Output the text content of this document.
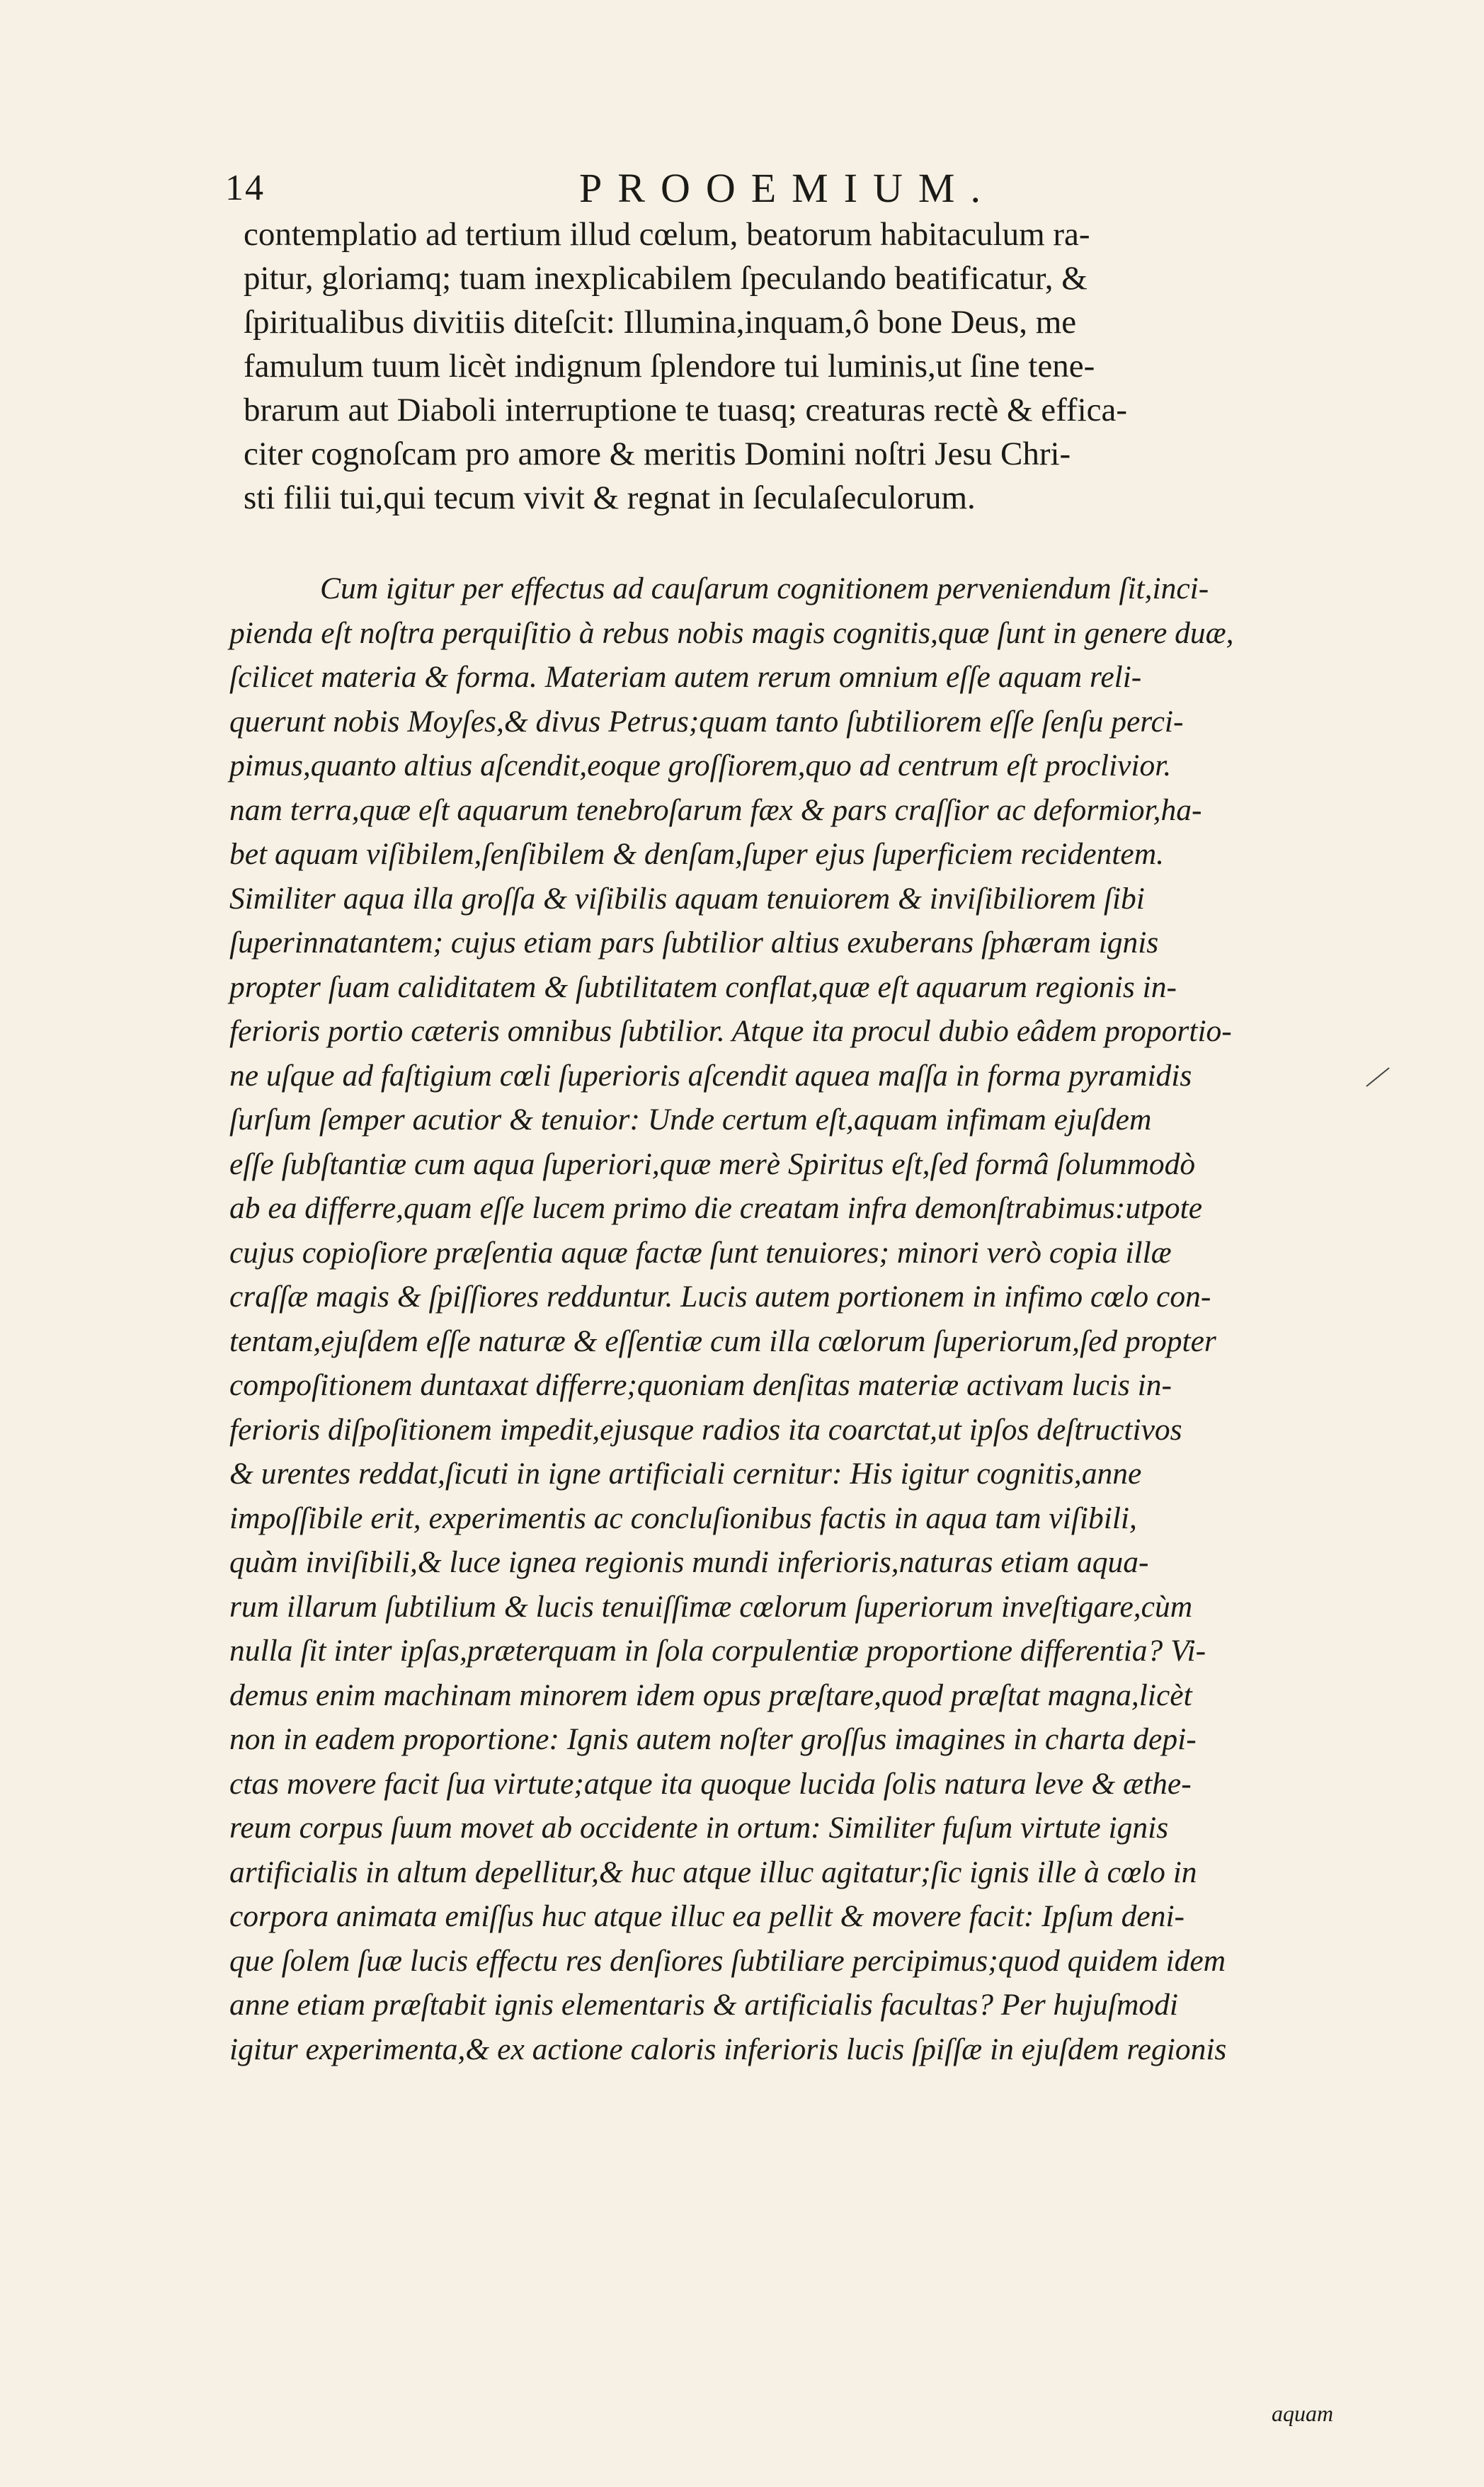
14	PROOEMIUM.
contemplatio ad tertium illud cœlum, beatorum habitaculum ra-
pitur, gloriamq; tuam inexplicabilem ſpeculando beatificatur, &
ſpiritualibus divitiis diteſcit: Illumina,inquam,ô bone Deus, me
famulum tuum licèt indignum ſplendore tui luminis,ut ſine tene-
brarum aut Diaboli interruptione te tuasq; creaturas rectè & effica-
citer cognoſcam pro amore & meritis Domini noſtri Jesu Chri-
sti filii tui,qui tecum vivit & regnat in ſeculaſeculorum.
Cum igitur per effectus ad cauſarum cognitionem perveniendum ſit,inci-
pienda eſt noſtra perquiſitio à rebus nobis magis cognitis,quæ ſunt in genere duæ,
ſcilicet materia & forma. Materiam autem rerum omnium eſſe aquam reli-
querunt nobis Moyſes,& divus Petrus;quam tanto ſubtiliorem eſſe ſenſu perci-
pimus,quanto altius aſcendit,eoque groſſiorem,quo ad centrum eſt proclivior.
nam terra,quæ eſt aquarum tenebroſarum fæx & pars craſſior ac deformior,ha-
bet aquam viſibilem,ſenſibilem & denſam,ſuper ejus ſuperficiem recidentem.
Similiter aqua illa groſſa & viſibilis aquam tenuiorem & inviſibiliorem ſibi
ſuperinnatantem; cujus etiam pars ſubtilior altius exuberans ſphæram ignis
propter ſuam caliditatem & ſubtilitatem conflat,quæ eſt aquarum regionis in-
ferioris portio cæteris omnibus ſubtilior. Atque ita procul dubio eâdem proportio-
ne uſque ad faſtigium cœli ſuperioris aſcendit aquea maſſa in forma pyramidis
ſurſum ſemper acutior & tenuior: Unde certum eſt,aquam infimam ejuſdem
eſſe ſubſtantiæ cum aqua ſuperiori,quæ merè Spiritus eſt,ſed formâ ſolummodò
ab ea differre,quam eſſe lucem primo die creatam infra demonſtrabimus:utpote
cujus copioſiore præſentia aquæ factæ ſunt tenuiores; minori verò copia illæ
craſſæ magis & ſpiſſiores redduntur. Lucis autem portionem in infimo cœlo con-
tentam,ejuſdem eſſe naturæ & eſſentiæ cum illa cœlorum ſuperiorum,ſed propter
compoſitionem duntaxat differre;quoniam denſitas materiæ activam lucis in-
ferioris diſpoſitionem impedit,ejusque radios ita coarctat,ut ipſos deſtructivos
& urentes reddat,ſicuti in igne artificiali cernitur: His igitur cognitis,anne
impoſſibile erit, experimentis ac concluſionibus factis in aqua tam viſibili,
quàm inviſibili,& luce ignea regionis mundi inferioris,naturas etiam aqua-
rum illarum ſubtilium & lucis tenuiſſimæ cœlorum ſuperiorum inveſtigare,cùm
nulla ſit inter ipſas,præterquam in ſola corpulentiæ proportione differentia? Vi-
demus enim machinam minorem idem opus præſtare,quod præſtat magna,licèt
non in eadem proportione: Ignis autem noſter groſſus imagines in charta depi-
ctas movere facit ſua virtute;atque ita quoque lucida ſolis natura leve & æthe-
reum corpus ſuum movet ab occidente in ortum: Similiter fuſum virtute ignis
artificialis in altum depellitur,& huc atque illuc agitatur;ſic ignis ille à cœlo in
corpora animata emiſſus huc atque illuc ea pellit & movere facit: Ipſum deni-
que ſolem ſuæ lucis effectu res denſiores ſubtiliare percipimus;quod quidem idem
anne etiam præſtabit ignis elementaris & artificialis facultas? Per hujuſmodi
igitur experimenta,& ex actione caloris inferioris lucis ſpiſſæ in ejuſdem regionis
aquam
